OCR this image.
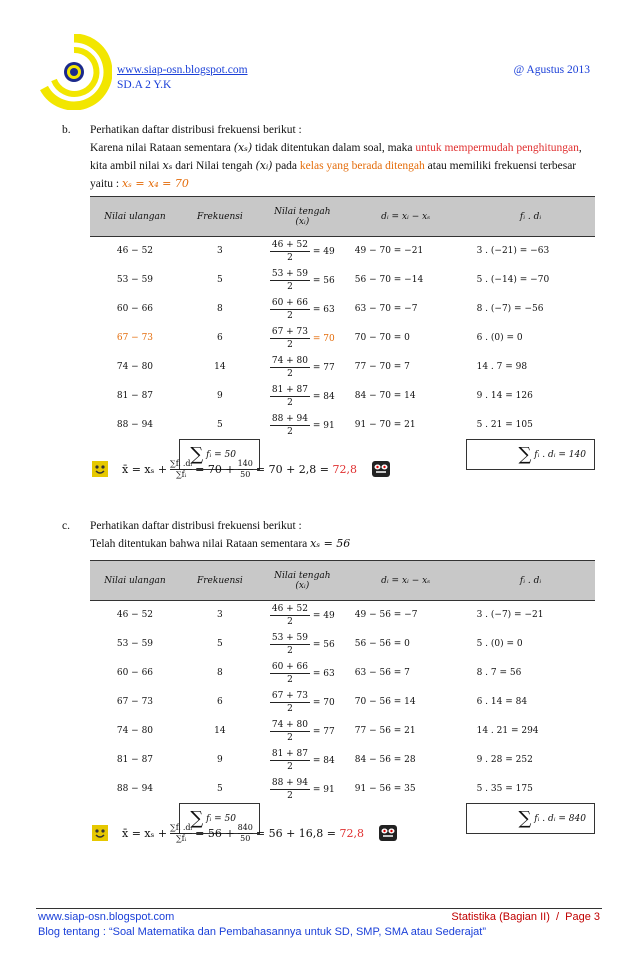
www.siap-osn.blogspot.com
SD.A 2 Y.K
@ Agustus 2013
b. Perhatikan daftar distribusi frekuensi berikut :
Karena nilai Rataan sementara (xₛ) tidak ditentukan dalam soal, maka untuk mempermudah penghitungan,
kita ambil nilai xₛ dari Nilai tengah (xᵢ) pada kelas yang berada ditengah atau memiliki frekuensi terbesar
yaitu : xₛ = x₄ = 70
Nilai ulangan	Frekuensi	Nilai tengah
(xᵢ)	dᵢ = xᵢ − xₛ	fᵢ . dᵢ
46 − 52	3	$\frac{46 + 52}{2} = 49$	49 − 70 = −21	3 . (−21) = −63
53 − 59	5	$\frac{53 + 59}{2} = 56$	56 − 70 = −14	5 . (−14) = −70
60 − 66	8	$\frac{60 + 66}{2} = 63$	63 − 70 = −7	8 . (−7) = −56
67 − 73	6	$\frac{67 + 73}{2} = 70$	70 − 70 = 0	6 . (0) = 0
74 − 80	14	$\frac{74 + 80}{2} = 77$	77 − 70 = 7	14 . 7 = 98
81 − 87	9	$\frac{81 + 87}{2} = 84$	84 − 70 = 14	9 . 14 = 126
88 − 94	5	$\frac{88 + 94}{2} = 91$	91 − 70 = 21	5 . 21 = 105
	∑ fᵢ = 50			∑ fᵢ . dᵢ = 140
x̄ = $x_s + \frac{\text{∑fᵢ .dᵢ}}{\text{∑fᵢ}} = 70 + \frac{140}{50} = 70 + 2,8 = 72,8$
c. Perhatikan daftar distribusi frekuensi berikut :
Telah ditentukan bahwa nilai Rataan sementara xₛ = 56
Nilai ulangan	Frekuensi	Nilai tengah
(xᵢ)	dᵢ = xᵢ − xₛ	fᵢ . dᵢ
46 − 52	3	$\frac{46 + 52}{2} = 49$	49 − 56 = −7	3 . (−7) = −21
53 − 59	5	$\frac{53 + 59}{2} = 56$	56 − 56 = 0	5 . (0) = 0
60 − 66	8	$\frac{60 + 66}{2} = 63$	63 − 56 = 7	8 . 7 = 56
67 − 73	6	$\frac{67 + 73}{2} = 70$	70 − 56 = 14	6 . 14 = 84
74 − 80	14	$\frac{74 + 80}{2} = 77$	77 − 56 = 21	14 . 21 = 294
81 − 87	9	$\frac{81 + 87}{2} = 84$	84 − 56 = 28	9 . 28 = 252
88 − 94	5	$\frac{88 + 94}{2} = 91$	91 − 56 = 35	5 . 35 = 175
	∑ fᵢ = 50			∑ fᵢ . dᵢ = 840
x̄ = $x_s + \frac{\text{∑fᵢ .dᵢ}}{\text{∑fᵢ}} = 56 + \frac{840}{50} = 56 + 16,8 = 72,8$
www.siap-osn.blogspot.com	Statistika (Bagian II)  /  Page 3
Blog tentang : “Soal Matematika dan Pembahasannya untuk SD, SMP, SMA atau Sederajat”
